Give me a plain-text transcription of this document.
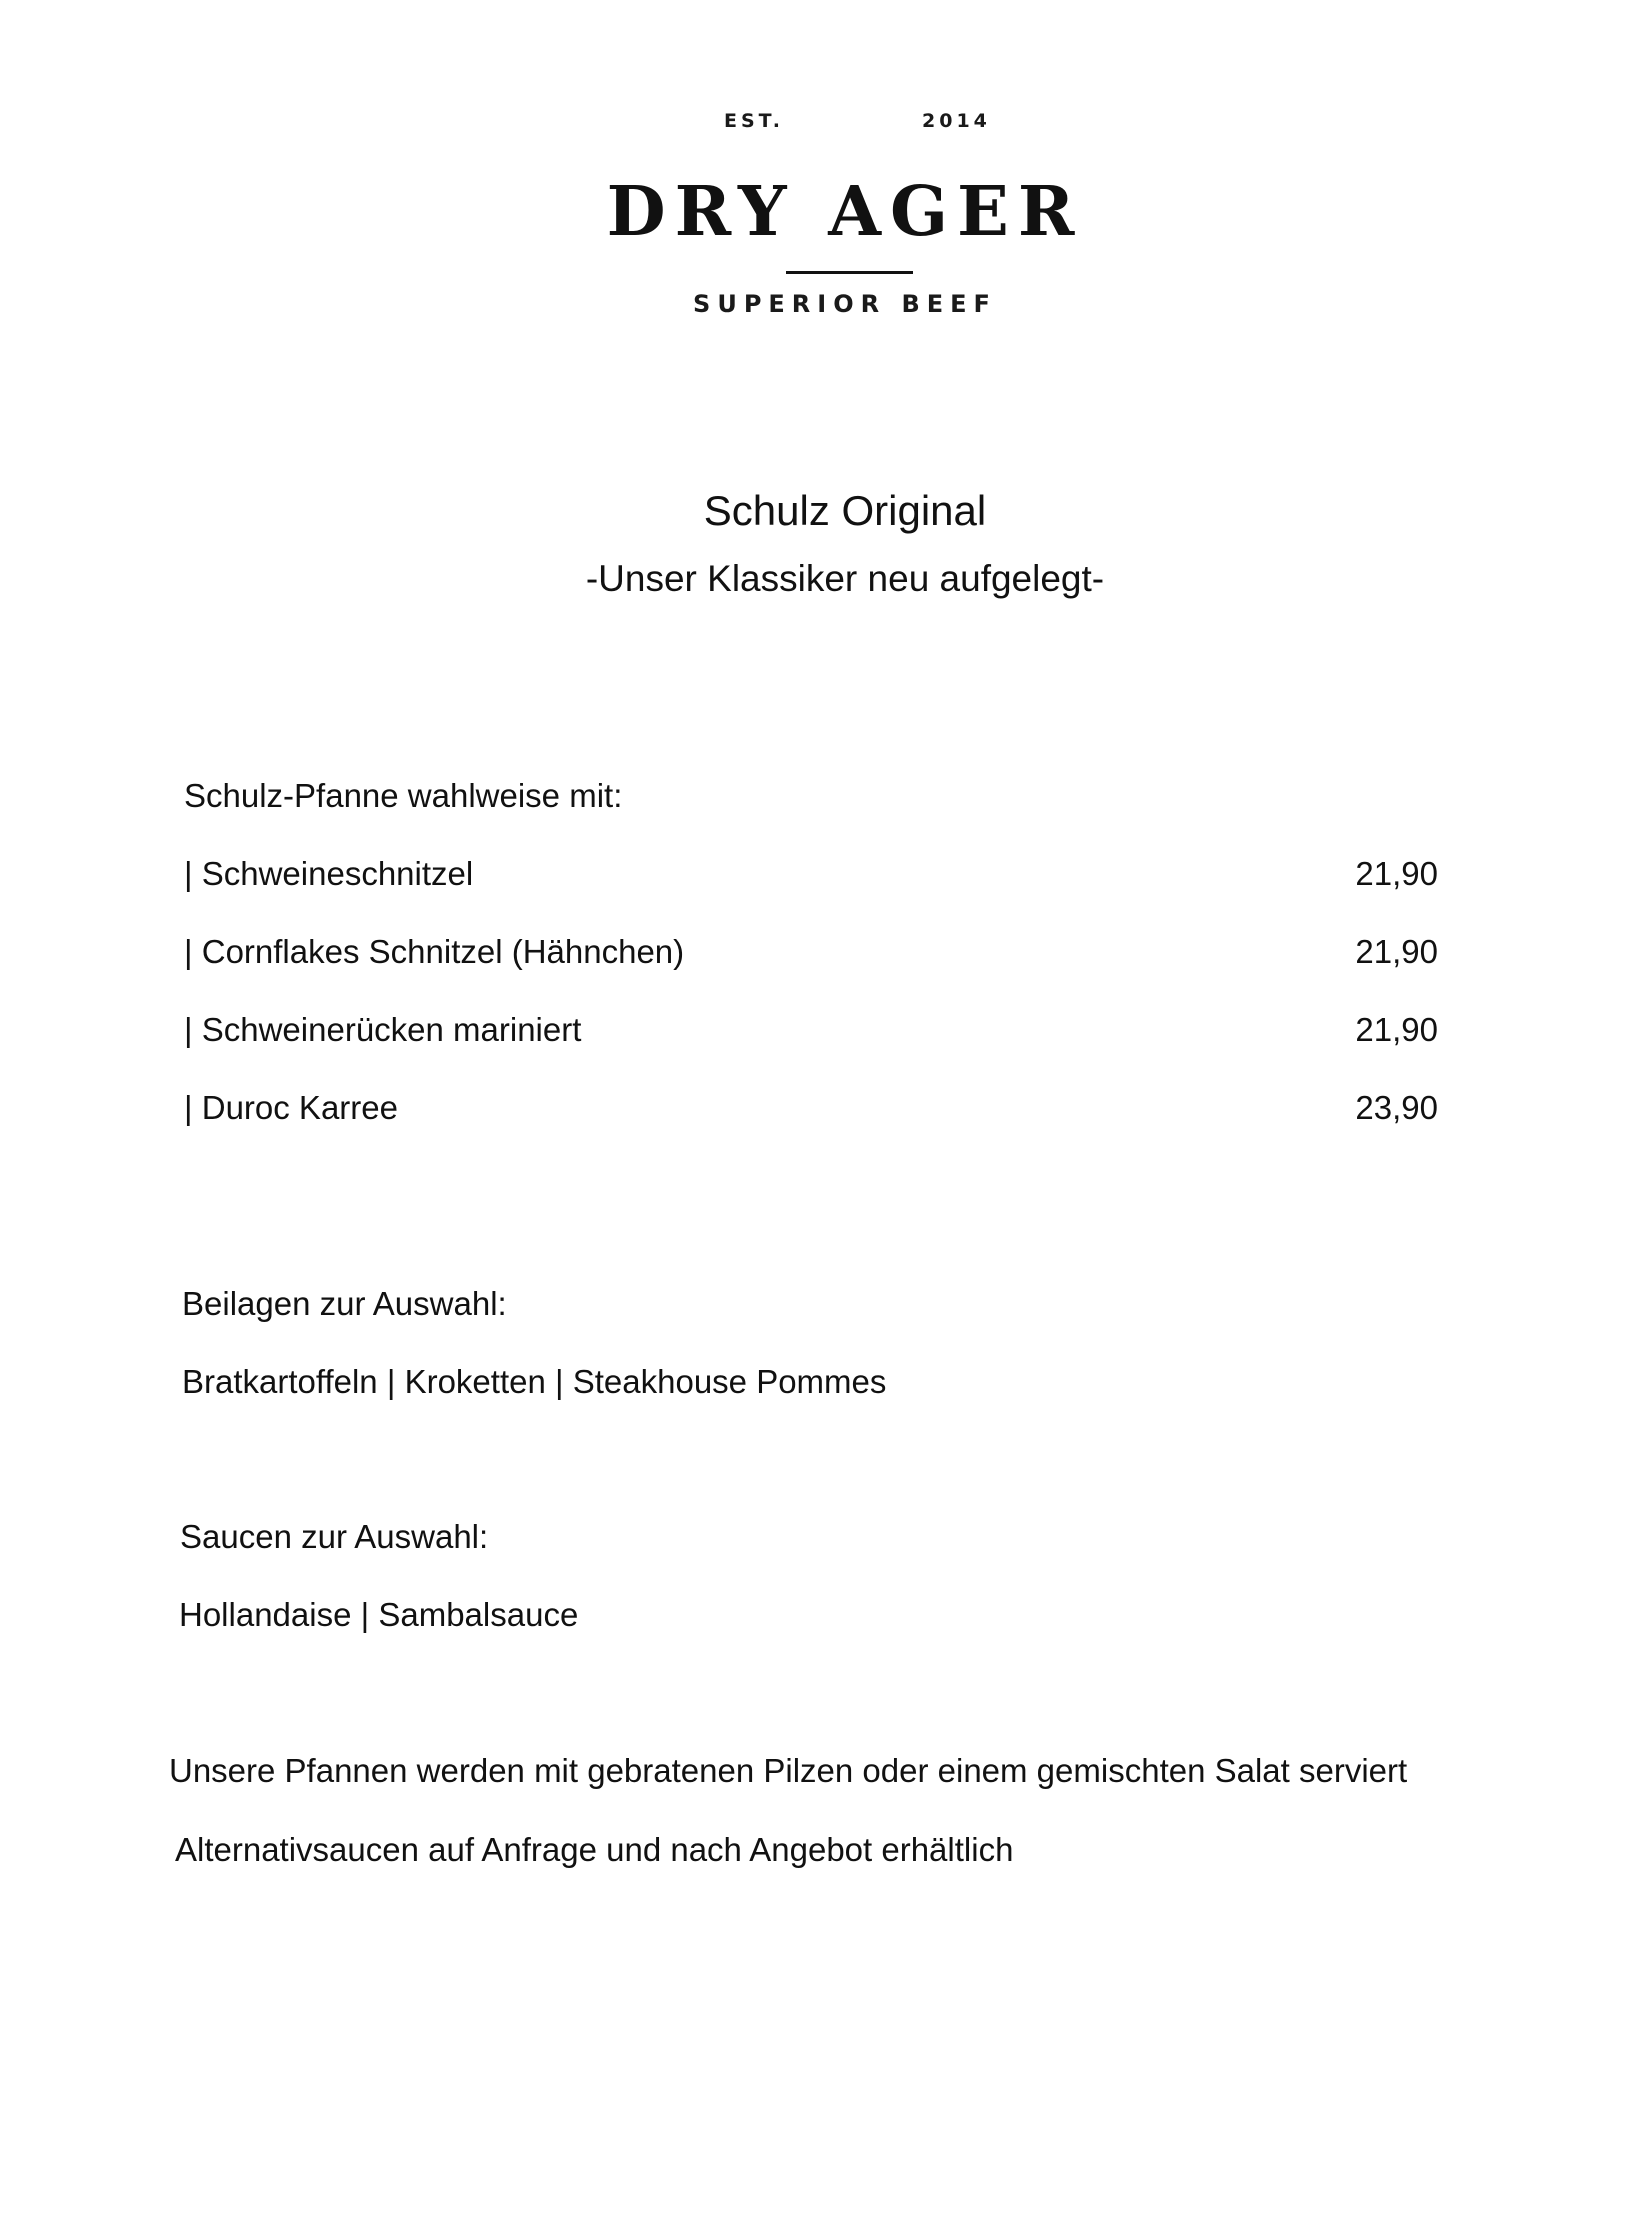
EST.	2014
DRY AGER
SUPERIOR BEEF
Schulz Original
-Unser Klassiker neu aufgelegt-
Schulz-Pfanne wahlweise mit:
| Schweineschnitzel	21,90
| Cornflakes Schnitzel (Hähnchen)	21,90
| Schweinerücken mariniert	21,90
| Duroc Karree	23,90
Beilagen zur Auswahl:
Bratkartoffeln | Kroketten | Steakhouse Pommes
Saucen zur Auswahl:
Hollandaise | Sambalsauce
Unsere Pfannen werden mit gebratenen Pilzen oder einem gemischten Salat serviert
Alternativsaucen auf Anfrage und nach Angebot erhältlich
